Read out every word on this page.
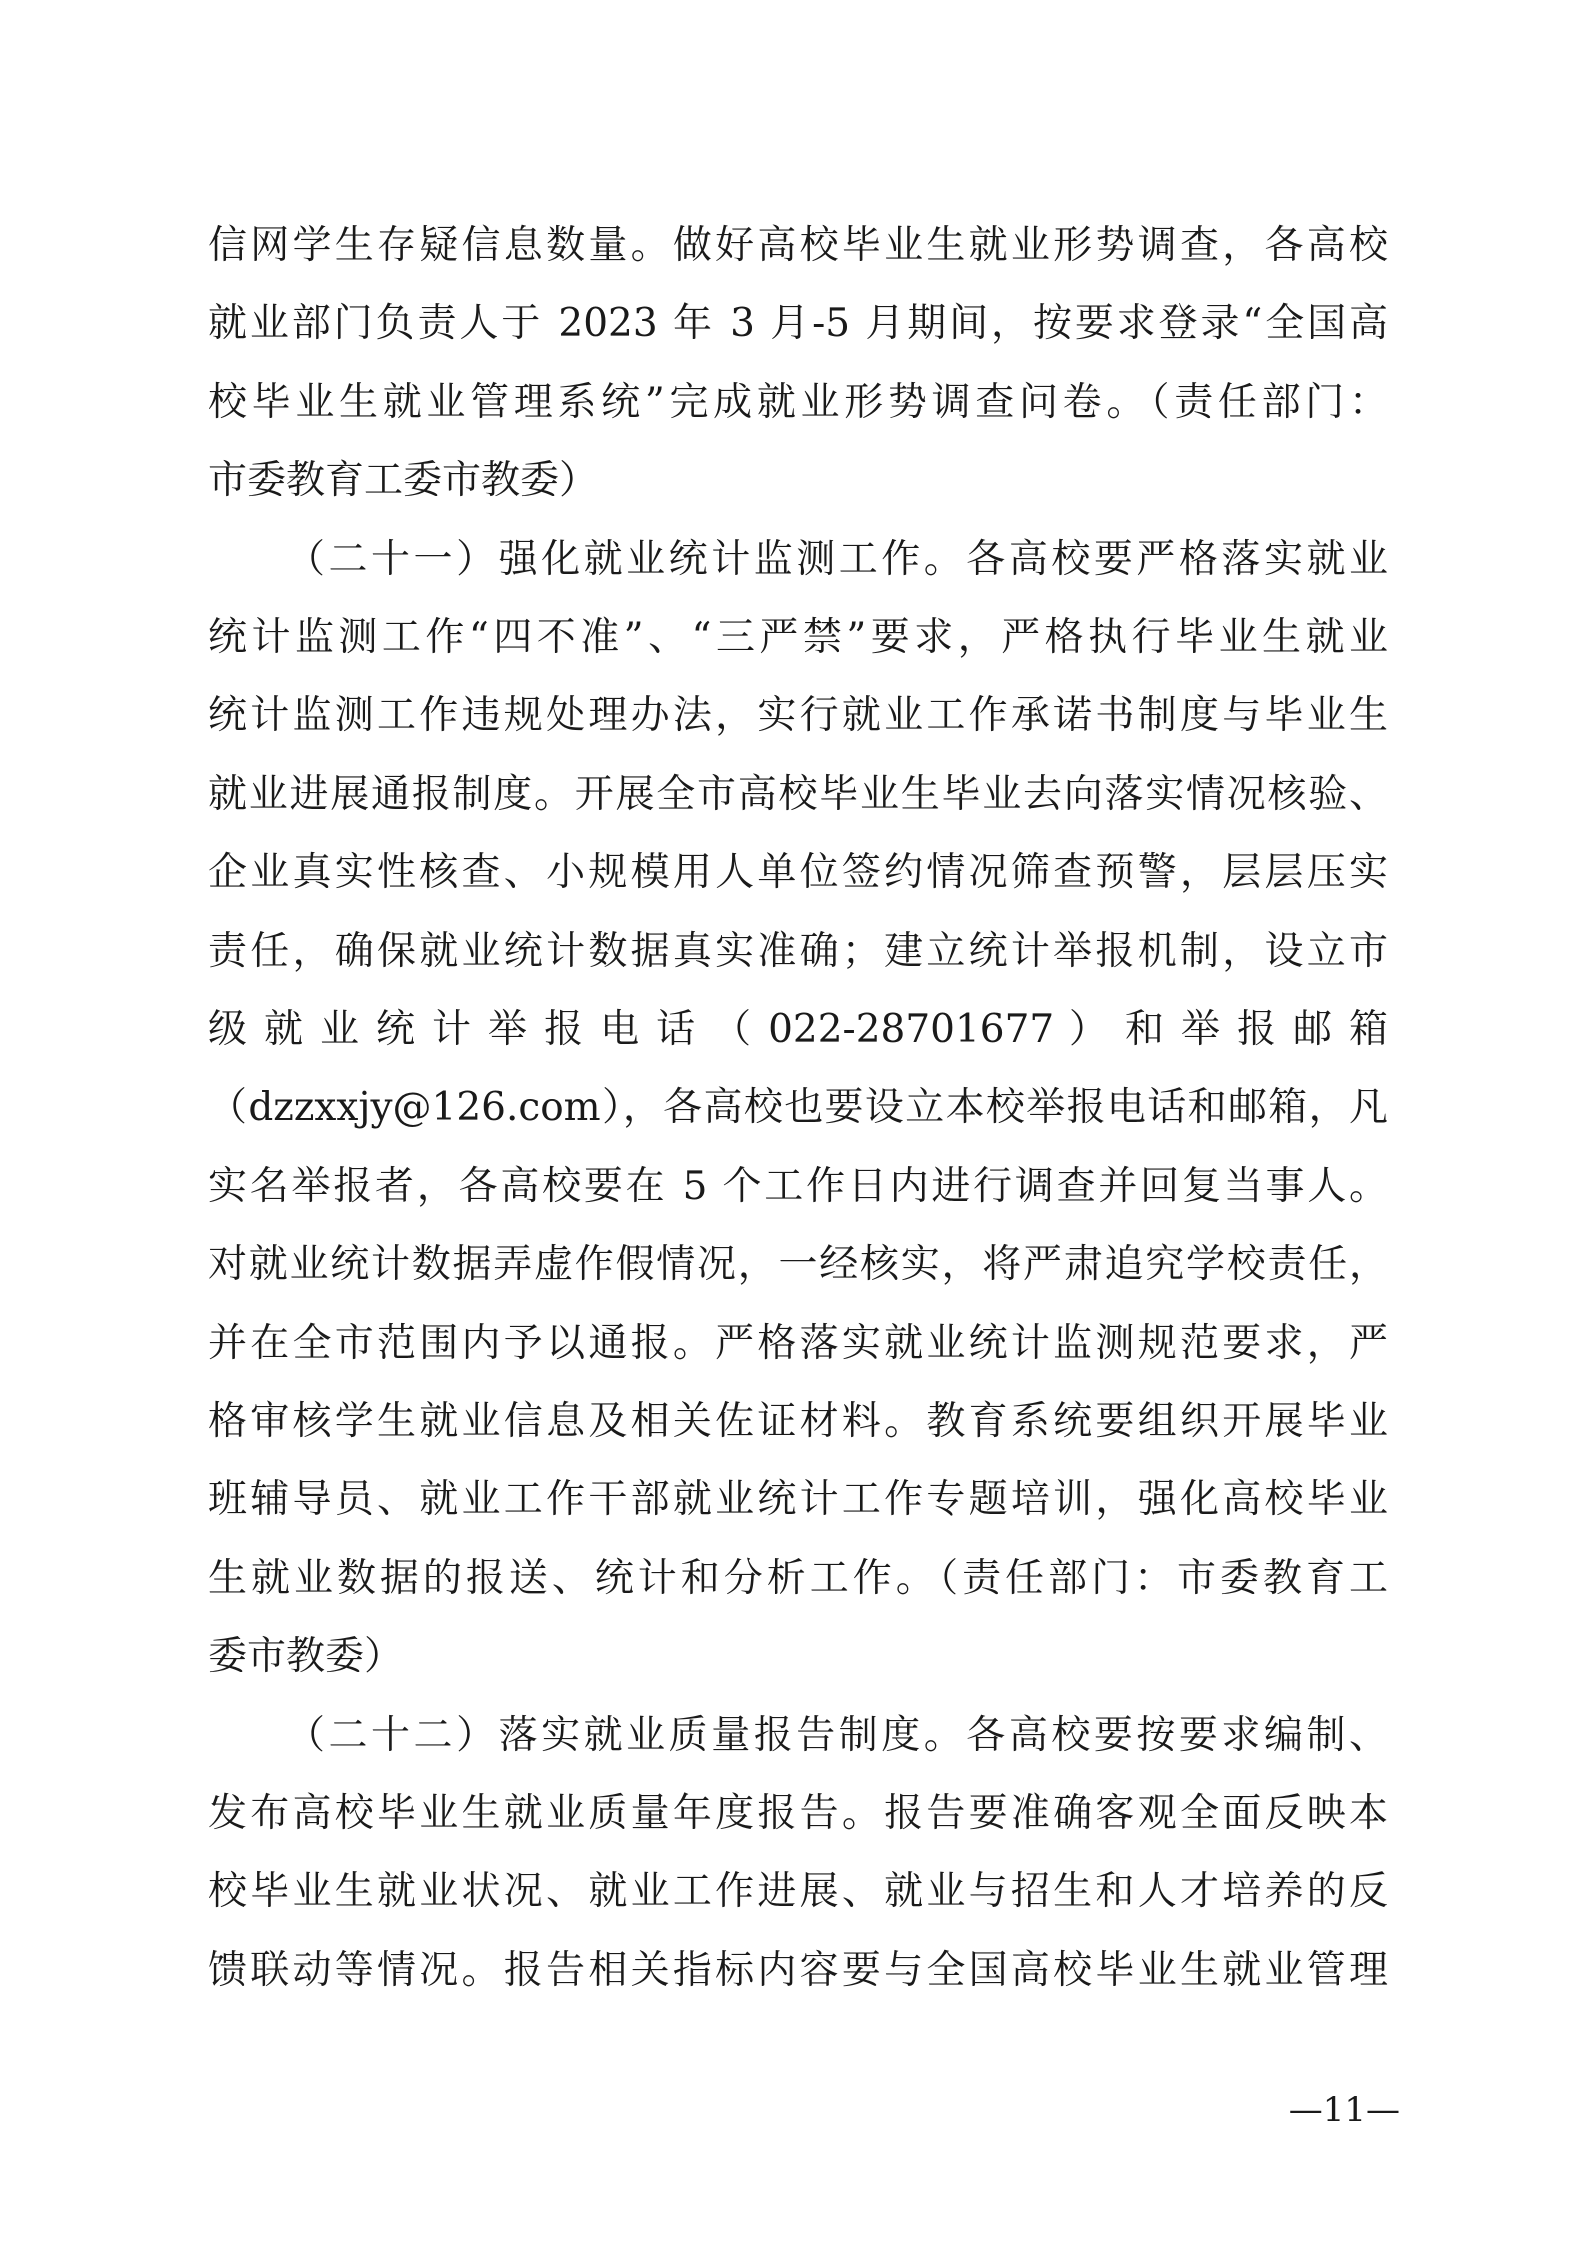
信网学生存疑信息数量。做好高校毕业生就业形势调查，各高校
就业部门负责人于 2023 年 3 月-5 月期间，按要求登录“全国高
校毕业生就业管理系统”完成就业形势调查问卷。（责任部门：
市委教育工委市教委）
（二十一）强化就业统计监测工作。各高校要严格落实就业
统计监测工作“四不准”、“三严禁”要求，严格执行毕业生就业
统计监测工作违规处理办法，实行就业工作承诺书制度与毕业生
就业进展通报制度。开展全市高校毕业生毕业去向落实情况核验、
企业真实性核查、小规模用人单位签约情况筛查预警，层层压实
责任，确保就业统计数据真实准确；建立统计举报机制，设立市
级 就 业 统 计 举 报 电 话 （ 022-28701677 ） 和 举 报 邮 箱
（dzzxxjy@126.com），各高校也要设立本校举报电话和邮箱，凡
实名举报者，各高校要在 5 个工作日内进行调查并回复当事人。
对就业统计数据弄虚作假情况，一经核实，将严肃追究学校责任，
并在全市范围内予以通报。严格落实就业统计监测规范要求，严
格审核学生就业信息及相关佐证材料。教育系统要组织开展毕业
班辅导员、就业工作干部就业统计工作专题培训，强化高校毕业
生就业数据的报送、统计和分析工作。（责任部门：市委教育工
委市教委）
（二十二）落实就业质量报告制度。各高校要按要求编制、
发布高校毕业生就业质量年度报告。报告要准确客观全面反映本
校毕业生就业状况、就业工作进展、就业与招生和人才培养的反
馈联动等情况。报告相关指标内容要与全国高校毕业生就业管理
—11—
